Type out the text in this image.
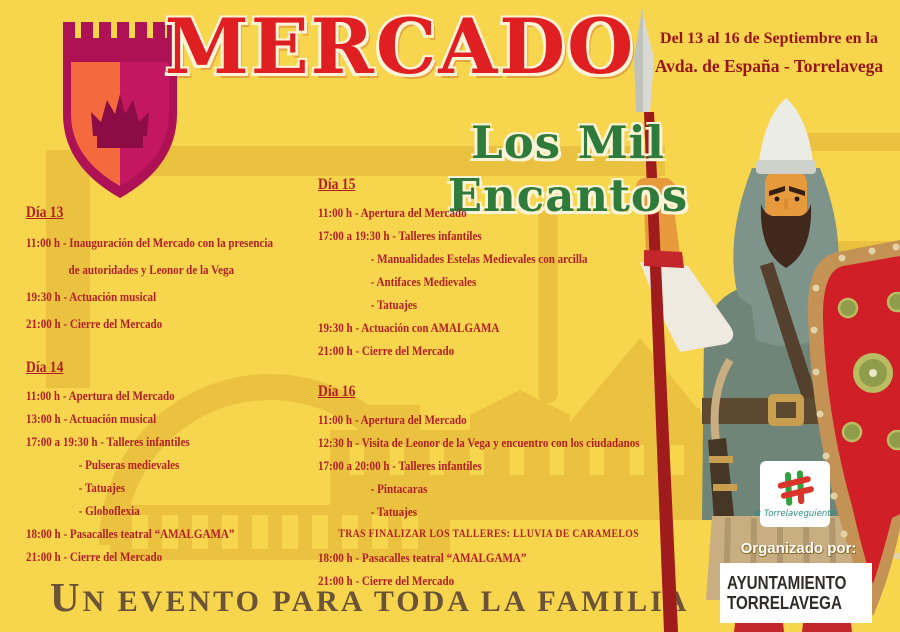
MERCADO
Los Mil Encantos
Del 13 al 16 de Septiembre en la
Avda. de España - Torrelavega
Día 13
11:00 h - Inauguración del Mercado con la presencia
de autoridades y Leonor de la Vega
19:30 h - Actuación musical
21:00 h - Cierre del Mercado
Día 14
11:00 h - Apertura del Mercado
13:00 h - Actuación musical
17:00 a 19:30 h - Talleres infantiles
- Pulseras medievales
- Tatuajes
- Globoflexia
18:00 h - Pasacalles teatral “AMALGAMA”
21:00 h - Cierre del Mercado
Día 15
11:00 h - Apertura del Mercado
17:00 a 19:30 h - Talleres infantiles
- Manualidades Estelas Medievales con arcilla
- Antifaces Medievales
- Tatuajes
19:30 h - Actuación con AMALGAMA
21:00 h - Cierre del Mercado
Día 16
11:00 h - Apertura del Mercado
12:30 h - Visita de Leonor de la Vega y encuentro con los ciudadanos
17:00 a 20:00 h - Talleres infantiles
- Pintacaras
- Tatuajes
TRAS FINALIZAR LOS TALLERES: LLUVIA DE CARAMELOS
18:00 h - Pasacalles teatral “AMALGAMA”
21:00 h - Cierre del Mercado
UN EVENTO PARA TODA LA FAMILIA
# Torrelaveguiente
Organizado por:
AYUNTAMIENTO
TORRELAVEGA
